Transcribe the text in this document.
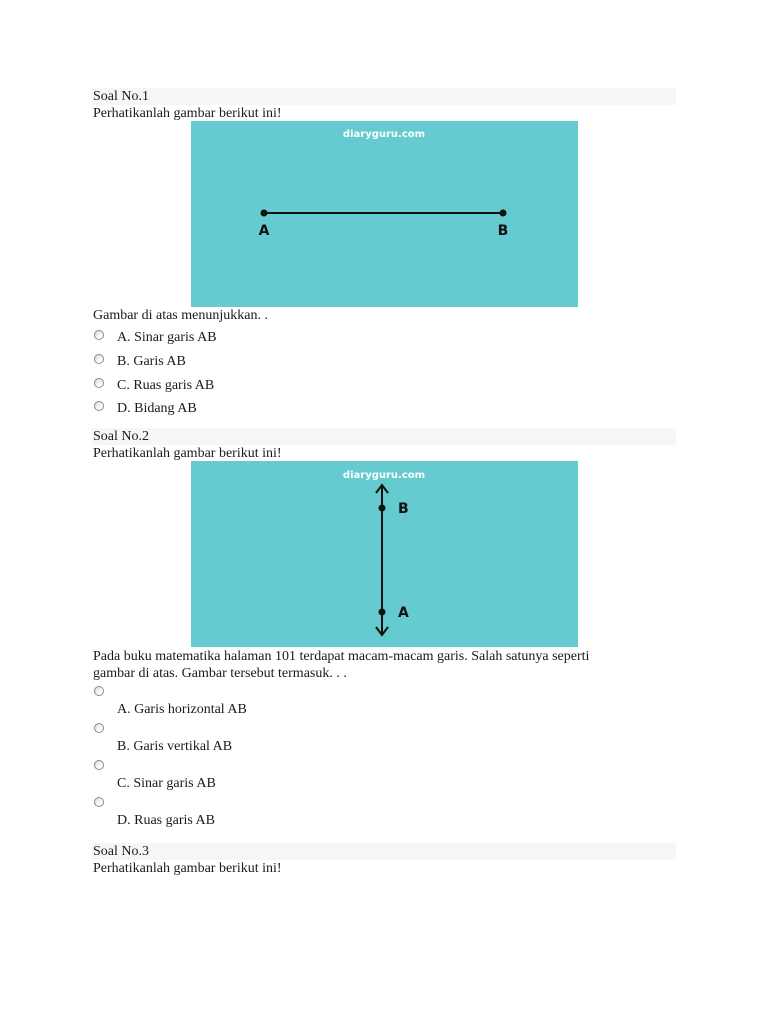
Soal No.1
Perhatikanlah gambar berikut ini!
diaryguru.com
A	B
Gambar di atas menunjukkan. .
A. Sinar garis AB
B. Garis AB
C. Ruas garis AB
D. Bidang AB
Soal No.2
Perhatikanlah gambar berikut ini!
diaryguru.com
B
A
Pada buku matematika halaman 101 terdapat macam-macam garis. Salah satunya seperti
gambar di atas. Gambar tersebut termasuk. . .
A. Garis horizontal AB
B. Garis vertikal AB
C. Sinar garis AB
D. Ruas garis AB
Soal No.3
Perhatikanlah gambar berikut ini!
